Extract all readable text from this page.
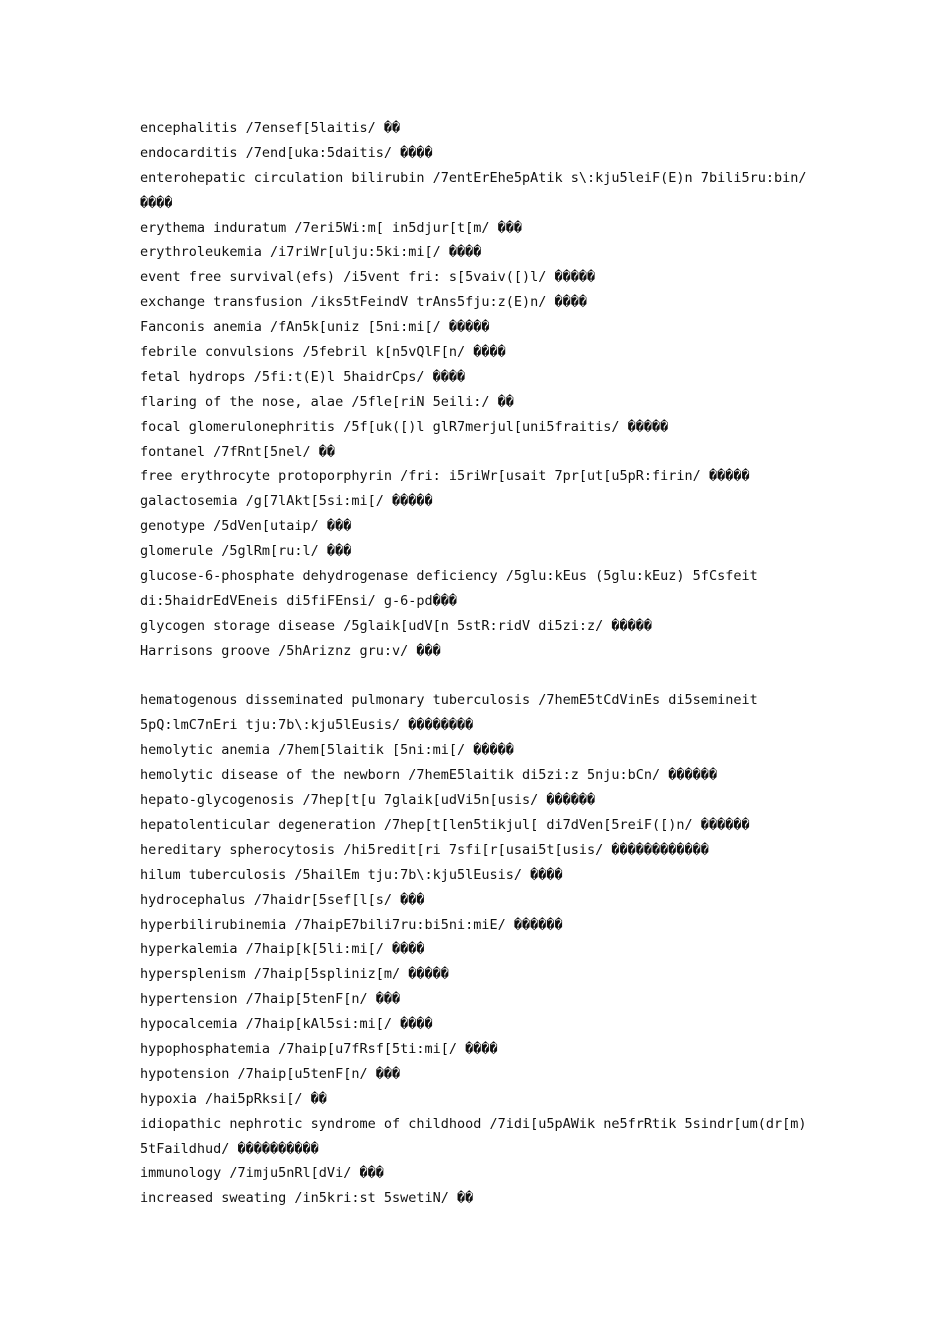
encephalitis /7ensef[5laitis/ ��
endocarditis /7end[uka:5daitis/ ����
enterohepatic circulation bilirubin /7entErEhe5pAtik s\:kju5leiF(E)n 7bili5ru:bin/
����
erythema induratum /7eri5Wi:m[ in5djur[t[m/ ���
erythroleukemia /i7riWr[ulju:5ki:mi[/ ����
event free survival(efs) /i5vent fri: s[5vaiv([)l/ �����
exchange transfusion /iks5tFeindV trAns5fju:z(E)n/ ����
Fanconis anemia /fAn5k[uniz [5ni:mi[/ �����
febrile convulsions /5febril k[n5vQlF[n/ ����
fetal hydrops /5fi:t(E)l 5haidrCps/ ����
flaring of the nose, alae /5fle[riN 5eili:/ ��
focal glomerulonephritis /5f[uk([)l glR7merjul[uni5fraitis/ �����
fontanel /7fRnt[5nel/ ��
free erythrocyte protoporphyrin /fri: i5riWr[usait 7pr[ut[u5pR:firin/ �����
galactosemia /g[7lAkt[5si:mi[/ �����
genotype /5dVen[utaip/ ���
glomerule /5glRm[ru:l/ ���
glucose-6-phosphate dehydrogenase deficiency /5glu:kEus (5glu:kEuz) 5fCsfeit
di:5haidrEdVEneis di5fiFEnsi/ g-6-pd���
glycogen storage disease /5glaik[udV[n 5stR:ridV di5zi:z/ �����
Harrisons groove /5hAriznz gru:v/ ���
hematogenous disseminated pulmonary tuberculosis /7hemE5tCdVinEs di5semineit
5pQ:lmC7nEri tju:7b\:kju5lEusis/ ��������
hemolytic anemia /7hem[5laitik [5ni:mi[/ �����
hemolytic disease of the newborn /7hemE5laitik di5zi:z 5nju:bCn/ ������
hepato-glycogenosis /7hep[t[u 7glaik[udVi5n[usis/ ������
hepatolenticular degeneration /7hep[t[len5tikjul[ di7dVen[5reiF([)n/ ������
hereditary spherocytosis /hi5redit[ri 7sfi[r[usai5t[usis/ ������������
hilum tuberculosis /5hailEm tju:7b\:kju5lEusis/ ����
hydrocephalus /7haidr[5sef[l[s/ ���
hyperbilirubinemia /7haipE7bili7ru:bi5ni:miE/ ������
hyperkalemia /7haip[k[5li:mi[/ ����
hypersplenism /7haip[5spliniz[m/ �����
hypertension /7haip[5tenF[n/ ���
hypocalcemia /7haip[kAl5si:mi[/ ����
hypophosphatemia /7haip[u7fRsf[5ti:mi[/ ����
hypotension /7haip[u5tenF[n/ ���
hypoxia /hai5pRksi[/ ��
idiopathic nephrotic syndrome of childhood /7idi[u5pAWik ne5frRtik 5sindr[um(dr[m)
5tFaildhud/ ����������
immunology /7imju5nRl[dVi/ ���
increased sweating /in5kri:st 5swetiN/ ��
